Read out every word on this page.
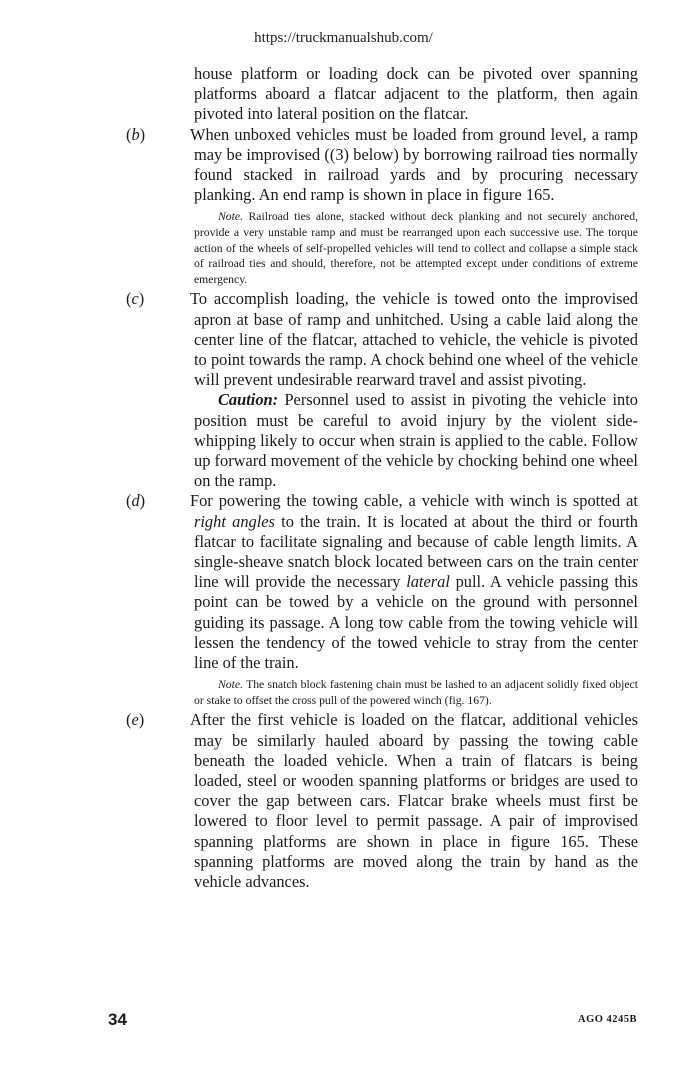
https://truckmanualshub.com/

house platform or loading dock can be pivoted over spanning platforms aboard a flatcar adjacent to the platform, then again pivoted into lateral position on the flatcar.

(b)	When unboxed vehicles must be loaded from ground level, a ramp may be improvised ((3) below) by borrowing railroad ties normally found stacked in railroad yards and by procuring necessary planking. An end ramp is shown in place in figure 165.

Note. Railroad ties alone, stacked without deck planking and not securely anchored, provide a very unstable ramp and must be rearranged upon each successive use. The torque action of the wheels of self-propelled vehicles will tend to collect and collapse a simple stack of railroad ties and should, therefore, not be attempted except under conditions of extreme emergency.

(c)	To accomplish loading, the vehicle is towed onto the improvised apron at base of ramp and unhitched. Using a cable laid along the center line of the flatcar, attached to vehicle, the vehicle is pivoted to point towards the ramp. A chock behind one wheel of the vehicle will prevent undesirable rearward travel and assist pivoting.

Caution: Personnel used to assist in pivoting the vehicle into position must be careful to avoid injury by the violent side-whipping likely to occur when strain is applied to the cable. Follow up forward movement of the vehicle by chocking behind one wheel on the ramp.

(d)	For powering the towing cable, a vehicle with winch is spotted at right angles to the train. It is located at about the third or fourth flatcar to facilitate signaling and because of cable length limits. A single-sheave snatch block located between cars on the train center line will provide the necessary lateral pull. A vehicle passing this point can be towed by a vehicle on the ground with personnel guiding its passage. A long tow cable from the towing vehicle will lessen the tendency of the towed vehicle to stray from the center line of the train.

Note. The snatch block fastening chain must be lashed to an adjacent solidly fixed object or stake to offset the cross pull of the powered winch (fig. 167).

(e)	After the first vehicle is loaded on the flatcar, additional vehicles may be similarly hauled aboard by passing the towing cable beneath the loaded vehicle. When a train of flatcars is being loaded, steel or wooden spanning platforms or bridges are used to cover the gap between cars. Flatcar brake wheels must first be lowered to floor level to permit passage. A pair of improvised spanning platforms are shown in place in figure 165. These spanning platforms are moved along the train by hand as the vehicle advances.

34	AGO 4245B
